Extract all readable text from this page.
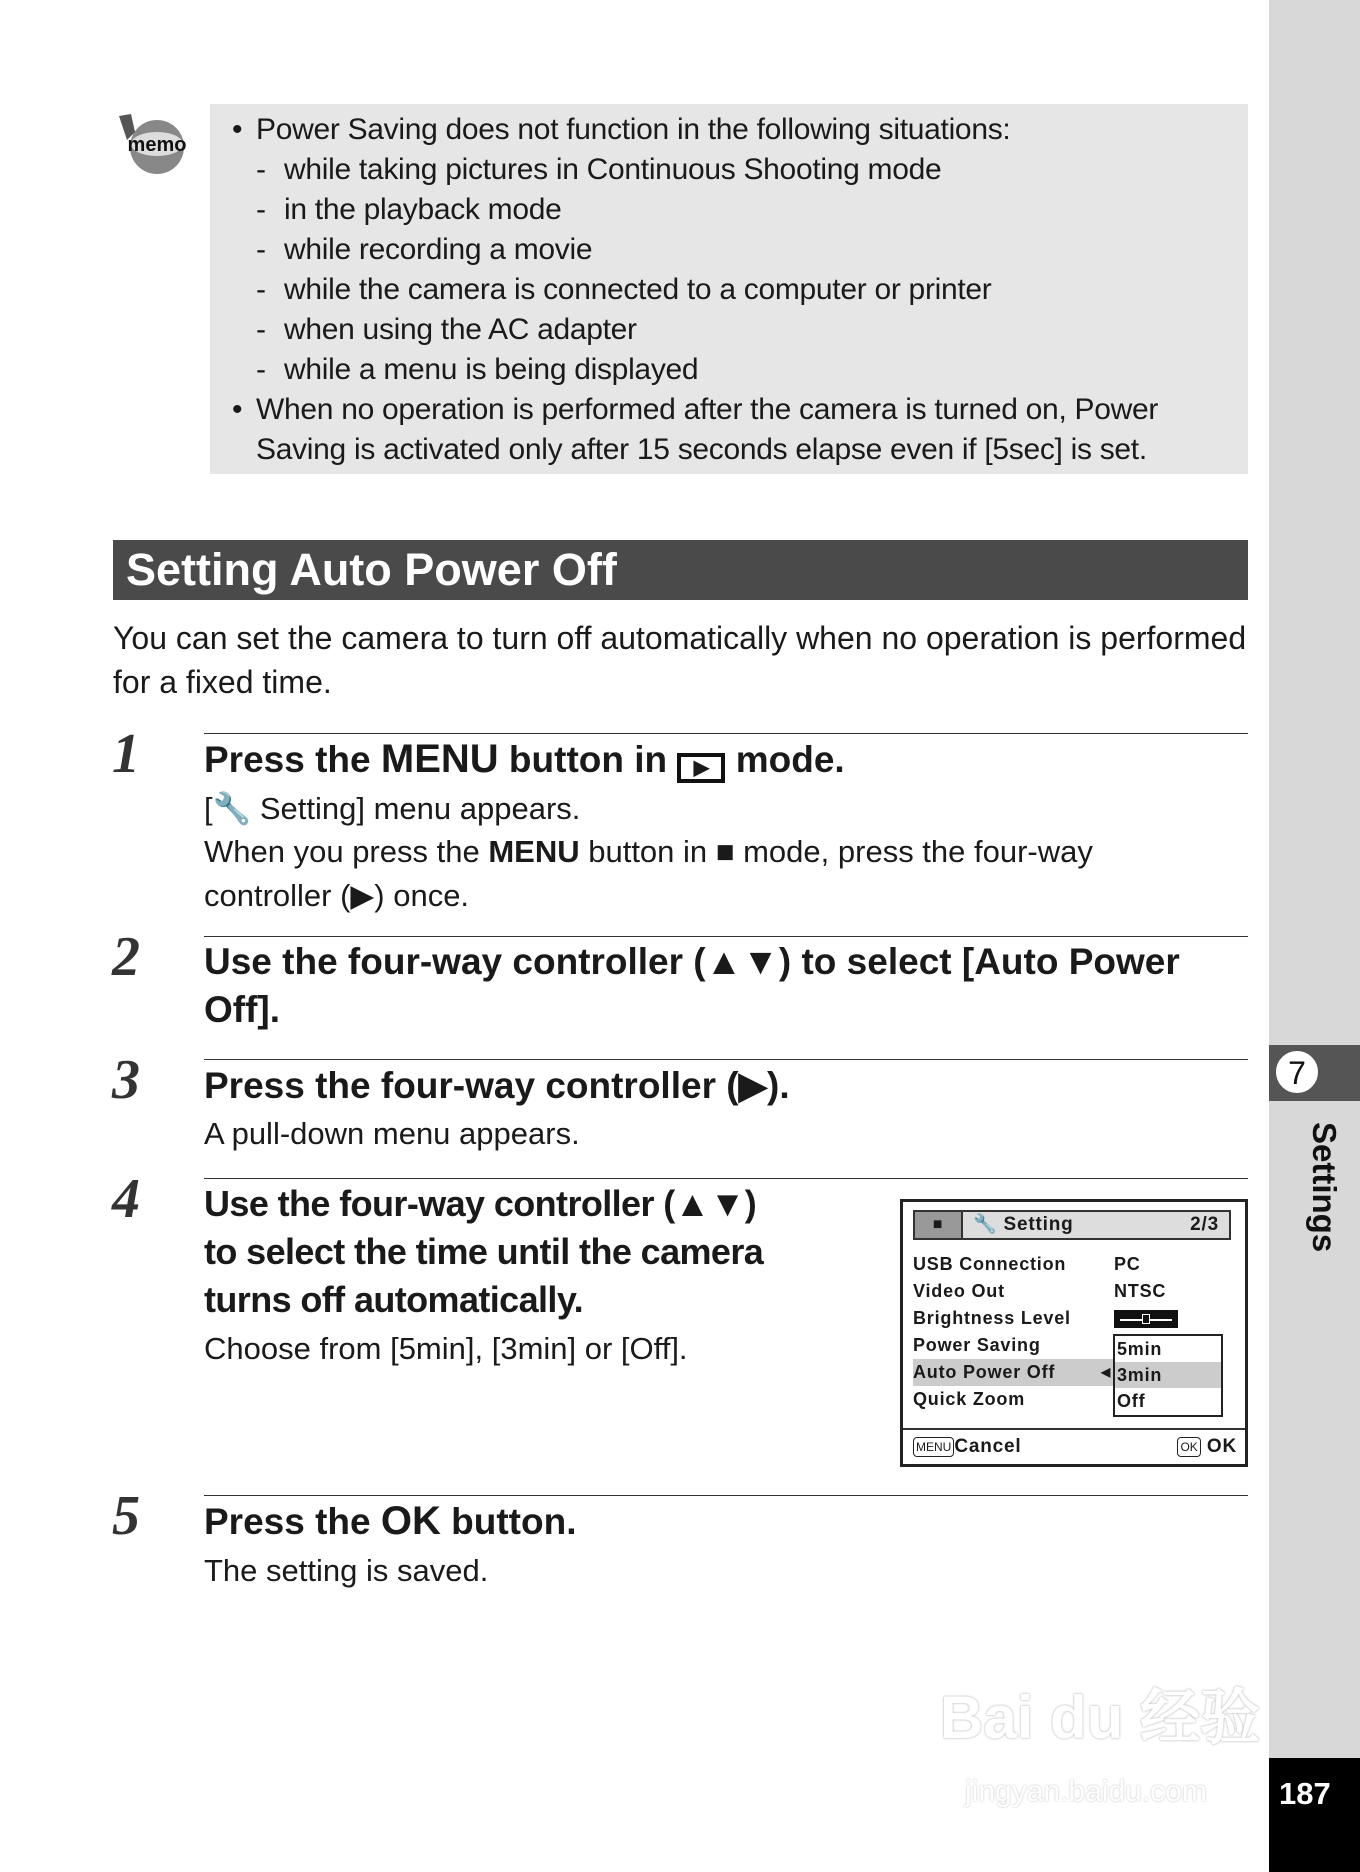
7
Settings
187
memo	• Power Saving does not function in the following situations:
- while taking pictures in Continuous Shooting mode
- in the playback mode
- while recording a movie
- while the camera is connected to a computer or printer
- when using the AC adapter
- while a menu is being displayed
• When no operation is performed after the camera is turned on, Power
Saving is activated only after 15 seconds elapse even if [5sec] is set.
Setting Auto Power Off
You can set the camera to turn off automatically when no operation is performed for a fixed time.
1 Press the MENU button in ▶ mode.
[🔧 Setting] menu appears.
When you press the MENU button in ■ mode, press the four-way
controller (▶) once.
2 Use the four-way controller (▲▼) to select [Auto Power
Off].
3 Press the four-way controller (▶).
A pull-down menu appears.
4 Use the four-way controller (▲▼)
to select the time until the camera
turns off automatically.
Choose from [5min], [3min] or [Off].
■	🔧 Setting	2/3
USB Connection	PC
Video Out	NTSC
Brightness Level
Power Saving
Auto Power Off	◀
Quick Zoom
5min
3min
Off
MENU Cancel	OK OK
5 Press the OK button.
The setting is saved.
Bai du 经验
jingyan.baidu.com
